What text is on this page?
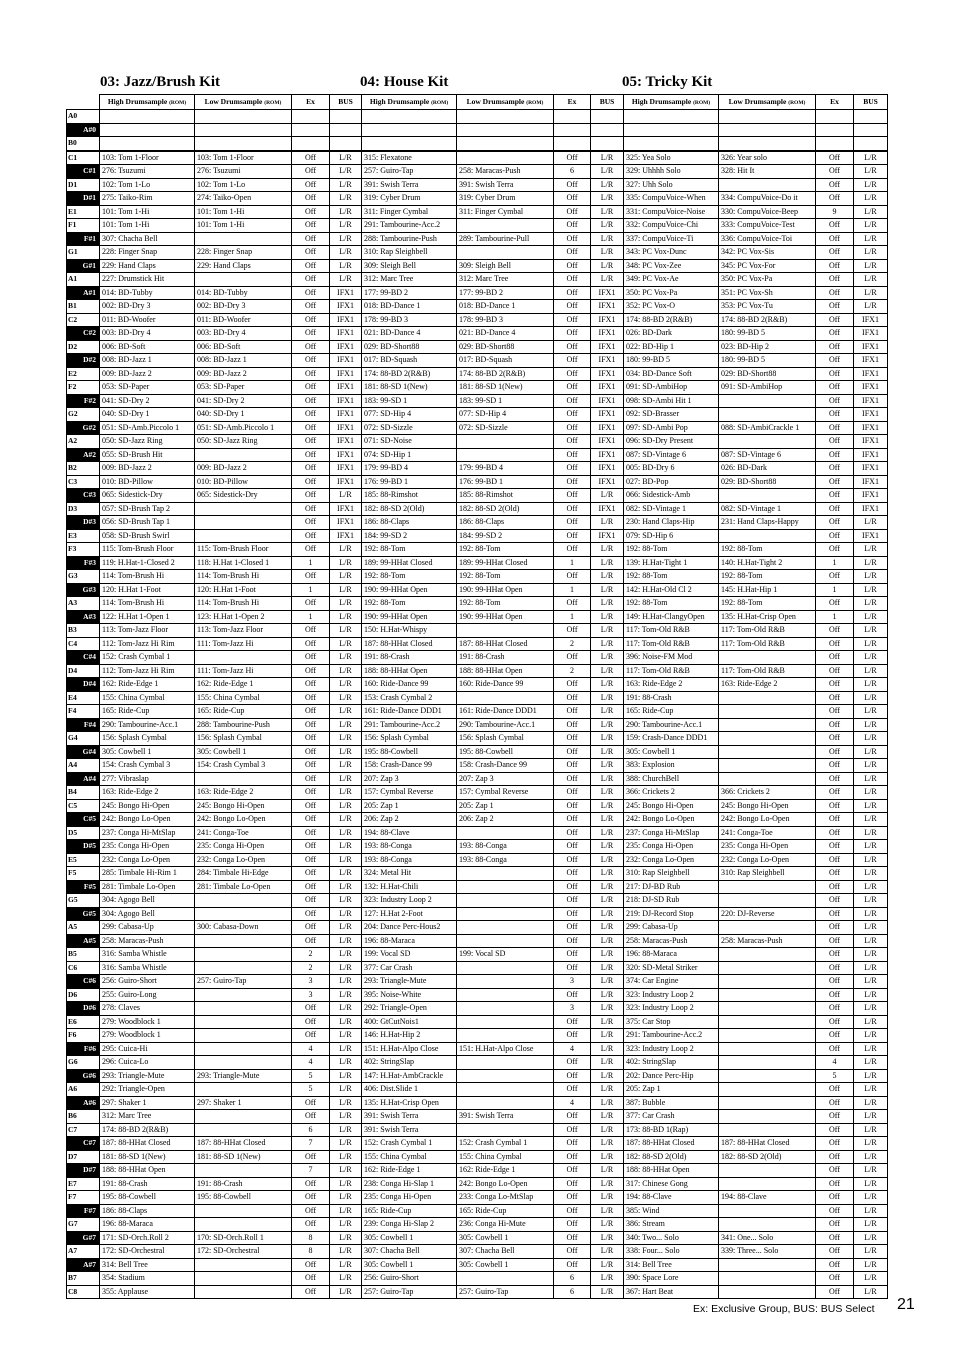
03: Jazz/Brush Kit	04: House Kit	05: Tricky Kit
	High Drumsample (ROM)	Low Drumsample (ROM)	Ex	BUS	High Drumsample (ROM)	Low Drumsample (ROM)	Ex	BUS	High Drumsample (ROM)	Low Drumsample (ROM)	Ex	BUS
A0												
A#0												
B0												
C1	103: Tom 1-Floor	103: Tom 1-Floor	Off	L/R	315: Flexatone		Off	L/R	325: Yea Solo	326: Year solo	Off	L/R
C#1	276: Tsuzumi	276: Tsuzumi	Off	L/R	257: Guiro-Tap	258: Maracas-Push	6	L/R	329: Uhhhh Solo	328: Hit It	Off	L/R
D1	102: Tom 1-Lo	102: Tom 1-Lo	Off	L/R	391: Swish Terra	391: Swish Terra	Off	L/R	327: Uhh Solo		Off	L/R
D#1	275: Taiko-Rim	274: Taiko-Open	Off	L/R	319: Cyber Drum	319: Cyber Drum	Off	L/R	335: CompuVoice-When	334: CompuVoice-Do it	Off	L/R
E1	101: Tom 1-Hi	101: Tom 1-Hi	Off	L/R	311: Finger Cymbal	311: Finger Cymbal	Off	L/R	331: CompuVoice-Noise	330: CompuVoice-Beep	9	L/R
F1	101: Tom 1-Hi	101: Tom 1-Hi	Off	L/R	291: Tambourine-Acc.2		Off	L/R	332: CompuVoice-Chi	333: CompuVoice-Test	Off	L/R
F#1	307: Chacha Bell		Off	L/R	288: Tambourine-Push	289: Tambourine-Pull	Off	L/R	337: CompuVoice-Ti	336: CompuVoice-Toi	Off	L/R
G1	228: Finger Snap	228: Finger Snap	Off	L/R	310: Rap Sleighbell		Off	L/R	343: PC Vox-Dunc	342: PC Vox-Sis	Off	L/R
G#1	229: Hand Claps	229: Hand Claps	Off	L/R	309: Sleigh Bell	309: Sleigh Bell	Off	L/R	348: PC Vox-Zee	345: PC Vox-For	Off	L/R
A1	227: Drumstick Hit		Off	L/R	312: Marc Tree	312: Marc Tree	Off	L/R	349: PC Vox-Ae	350: PC Vox-Pa	Off	L/R
A#1	014: BD-Tubby	014: BD-Tubby	Off	IFX1	177: 99-BD 2	177: 99-BD 2	Off	IFX1	350: PC Vox-Pa	351: PC Vox-Sh	Off	L/R
B1	002: BD-Dry 3	002: BD-Dry 3	Off	IFX1	018: BD-Dance 1	018: BD-Dance 1	Off	IFX1	352: PC Vox-O	353: PC Vox-Tu	Off	L/R
C2	011: BD-Woofer	011: BD-Woofer	Off	IFX1	178: 99-BD 3	178: 99-BD 3	Off	IFX1	174: 88-BD 2(R&B)	174: 88-BD 2(R&B)	Off	IFX1
C#2	003: BD-Dry 4	003: BD-Dry 4	Off	IFX1	021: BD-Dance 4	021: BD-Dance 4	Off	IFX1	026: BD-Dark	180: 99-BD 5	Off	IFX1
D2	006: BD-Soft	006: BD-Soft	Off	IFX1	029: BD-Short88	029: BD-Short88	Off	IFX1	022: BD-Hip 1	023: BD-Hip 2	Off	IFX1
D#2	008: BD-Jazz 1	008: BD-Jazz 1	Off	IFX1	017: BD-Squash	017: BD-Squash	Off	IFX1	180: 99-BD 5	180: 99-BD 5	Off	IFX1
E2	009: BD-Jazz 2	009: BD-Jazz 2	Off	IFX1	174: 88-BD 2(R&B)	174: 88-BD 2(R&B)	Off	IFX1	034: BD-Dance Soft	029: BD-Short88	Off	IFX1
F2	053: SD-Paper	053: SD-Paper	Off	IFX1	181: 88-SD 1(New)	181: 88-SD 1(New)	Off	IFX1	091: SD-AmbiHop	091: SD-AmbiHop	Off	IFX1
F#2	041: SD-Dry 2	041: SD-Dry 2	Off	IFX1	183: 99-SD 1	183: 99-SD 1	Off	IFX1	098: SD-Ambi Hit 1		Off	IFX1
G2	040: SD-Dry 1	040: SD-Dry 1	Off	IFX1	077: SD-Hip 4	077: SD-Hip 4	Off	IFX1	092: SD-Brasser		Off	IFX1
G#2	051: SD-Amb.Piccolo 1	051: SD-Amb.Piccolo 1	Off	IFX1	072: SD-Sizzle	072: SD-Sizzle	Off	IFX1	097: SD-Ambi Pop	088: SD-AmbiCrackle 1	Off	IFX1
A2	050: SD-Jazz Ring	050: SD-Jazz Ring	Off	IFX1	071: SD-Noise		Off	IFX1	096: SD-Dry Present		Off	IFX1
A#2	055: SD-Brush Hit		Off	IFX1	074: SD-Hip 1		Off	IFX1	087: SD-Vintage 6	087: SD-Vintage 6	Off	IFX1
B2	009: BD-Jazz 2	009: BD-Jazz 2	Off	IFX1	179: 99-BD 4	179: 99-BD 4	Off	IFX1	005: BD-Dry 6	026: BD-Dark	Off	IFX1
C3	010: BD-Pillow	010: BD-Pillow	Off	IFX1	176: 99-BD 1	176: 99-BD 1	Off	IFX1	027: BD-Pop	029: BD-Short88	Off	IFX1
C#3	065: Sidestick-Dry	065: Sidestick-Dry	Off	L/R	185: 88-Rimshot	185: 88-Rimshot	Off	L/R	066: Sidestick-Amb		Off	IFX1
D3	057: SD-Brush Tap 2		Off	IFX1	182: 88-SD 2(Old)	182: 88-SD 2(Old)	Off	IFX1	082: SD-Vintage 1	082: SD-Vintage 1	Off	IFX1
D#3	056: SD-Brush Tap 1		Off	IFX1	186: 88-Claps	186: 88-Claps	Off	L/R	230: Hand Claps-Hip	231: Hand Claps-Happy	Off	L/R
E3	058: SD-Brush Swirl		Off	IFX1	184: 99-SD 2	184: 99-SD 2	Off	IFX1	079: SD-Hip 6		Off	IFX1
F3	115: Tom-Brush Floor	115: Tom-Brush Floor	Off	L/R	192: 88-Tom	192: 88-Tom	Off	L/R	192: 88-Tom	192: 88-Tom	Off	L/R
F#3	119: H.Hat-1-Closed 2	118: H.Hat 1-Closed 1	1	L/R	189: 99-HHat Closed	189: 99-HHat Closed	1	L/R	139: H.Hat-Tight 1	140: H.Hat-Tight 2	1	L/R
G3	114: Tom-Brush Hi	114: Tom-Brush Hi	Off	L/R	192: 88-Tom	192: 88-Tom	Off	L/R	192: 88-Tom	192: 88-Tom	Off	L/R
G#3	120: H.Hat 1-Foot	120: H.Hat 1-Foot	1	L/R	190: 99-HHat Open	190: 99-HHat Open	1	L/R	142: H.Hat-Old Cl 2	145: H.Hat-Hip 1	1	L/R
A3	114: Tom-Brush Hi	114: Tom-Brush Hi	Off	L/R	192: 88-Tom	192: 88-Tom	Off	L/R	192: 88-Tom	192: 88-Tom	Off	L/R
A#3	122: H.Hat 1-Open 1	123: H.Hat 1-Open 2	1	L/R	190: 99-HHat Open	190: 99-HHat Open	1	L/R	149: H.Hat-ClangyOpen	135: H.Hat-Crisp Open	1	L/R
B3	113: Tom-Jazz Floor	113: Tom-Jazz Floor	Off	L/R	150: H.Hat-Whispy		Off	L/R	117: Tom-Old R&B	117: Tom-Old R&B	Off	L/R
C4	112: Tom-Jazz Hi Rim	111: Tom-Jazz Hi	Off	L/R	187: 88-HHat Closed	187: 88-HHat Closed	2	L/R	117: Tom-Old R&B	117: Tom-Old R&B	Off	L/R
C#4	152: Crash Cymbal 1		Off	L/R	191: 88-Crash	191: 88-Crash	Off	L/R	396: Noise-FM Mod		Off	L/R
D4	112: Tom-Jazz Hi Rim	111: Tom-Jazz Hi	Off	L/R	188: 88-HHat Open	188: 88-HHat Open	2	L/R	117: Tom-Old R&B	117: Tom-Old R&B	Off	L/R
D#4	162: Ride-Edge 1	162: Ride-Edge 1	Off	L/R	160: Ride-Dance 99	160: Ride-Dance 99	Off	L/R	163: Ride-Edge 2	163: Ride-Edge 2	Off	L/R
E4	155: China Cymbal	155: China Cymbal	Off	L/R	153: Crash Cymbal 2		Off	L/R	191: 88-Crash		Off	L/R
F4	165: Ride-Cup	165: Ride-Cup	Off	L/R	161: Ride-Dance DDD1	161: Ride-Dance DDD1	Off	L/R	165: Ride-Cup		Off	L/R
F#4	290: Tambourine-Acc.1	288: Tambourine-Push	Off	L/R	291: Tambourine-Acc.2	290: Tambourine-Acc.1	Off	L/R	290: Tambourine-Acc.1		Off	L/R
G4	156: Splash Cymbal	156: Splash Cymbal	Off	L/R	156: Splash Cymbal	156: Splash Cymbal	Off	L/R	159: Crash-Dance DDD1		Off	L/R
G#4	305: Cowbell 1	305: Cowbell 1	Off	L/R	195: 88-Cowbell	195: 88-Cowbell	Off	L/R	305: Cowbell 1		Off	L/R
A4	154: Crash Cymbal 3	154: Crash Cymbal 3	Off	L/R	158: Crash-Dance 99	158: Crash-Dance 99	Off	L/R	383: Explosion		Off	L/R
A#4	277: Vibraslap		Off	L/R	207: Zap 3	207: Zap 3	Off	L/R	388: ChurchBell		Off	L/R
B4	163: Ride-Edge 2	163: Ride-Edge 2	Off	L/R	157: Cymbal Reverse	157: Cymbal Reverse	Off	L/R	366: Crickets 2	366: Crickets 2	Off	L/R
C5	245: Bongo Hi-Open	245: Bongo Hi-Open	Off	L/R	205: Zap 1	205: Zap 1	Off	L/R	245: Bongo Hi-Open	245: Bongo Hi-Open	Off	L/R
C#5	242: Bongo Lo-Open	242: Bongo Lo-Open	Off	L/R	206: Zap 2	206: Zap 2	Off	L/R	242: Bongo Lo-Open	242: Bongo Lo-Open	Off	L/R
D5	237: Conga Hi-MtSlap	241: Conga-Toe	Off	L/R	194: 88-Clave		Off	L/R	237: Conga Hi-MtSlap	241: Conga-Toe	Off	L/R
D#5	235: Conga Hi-Open	235: Conga Hi-Open	Off	L/R	193: 88-Conga	193: 88-Conga	Off	L/R	235: Conga Hi-Open	235: Conga Hi-Open	Off	L/R
E5	232: Conga Lo-Open	232: Conga Lo-Open	Off	L/R	193: 88-Conga	193: 88-Conga	Off	L/R	232: Conga Lo-Open	232: Conga Lo-Open	Off	L/R
F5	285: Timbale Hi-Rim 1	284: Timbale Hi-Edge	Off	L/R	324: Metal Hit		Off	L/R	310: Rap Sleighbell	310: Rap Sleighbell	Off	L/R
F#5	281: Timbale Lo-Open	281: Timbale Lo-Open	Off	L/R	132: H.Hat-Chili		Off	L/R	217: DJ-BD Rub		Off	L/R
G5	304: Agogo Bell		Off	L/R	323: Industry Loop 2		Off	L/R	218: DJ-SD Rub		Off	L/R
G#5	304: Agogo Bell		Off	L/R	127: H.Hat 2-Foot		Off	L/R	219: DJ-Record Stop	220: DJ-Reverse	Off	L/R
A5	299: Cabasa-Up	300: Cabasa-Down	Off	L/R	204: Dance Perc-Hous2		Off	L/R	299: Cabasa-Up		Off	L/R
A#5	258: Maracas-Push		Off	L/R	196: 88-Maraca		Off	L/R	258: Maracas-Push	258: Maracas-Push	Off	L/R
B5	316: Samba Whistle		2	L/R	199: Vocal SD	199: Vocal SD	Off	L/R	196: 88-Maraca		Off	L/R
C6	316: Samba Whistle		2	L/R	377: Car Crash		Off	L/R	320: SD-Metal Striker		Off	L/R
C#6	256: Guiro-Short	257: Guiro-Tap	3	L/R	293: Triangle-Mute		3	L/R	374: Car Engine		Off	L/R
D6	255: Guiro-Long		3	L/R	395: Noise-White		Off	L/R	323: Industry Loop 2		Off	L/R
D#6	278: Claves		Off	L/R	292: Triangle-Open		3	L/R	323: Industry Loop 2		Off	L/R
E6	279: Woodblock 1		Off	L/R	400: GtCutNois1		Off	L/R	375: Car Stop		Off	L/R
F6	279: Woodblock 1		Off	L/R	146: H.Hat-Hip 2		Off	L/R	291: Tambourine-Acc.2		Off	L/R
F#6	295: Cuica-Hi		4	L/R	151: H.Hat-Alpo Close	151: H.Hat-Alpo Close	4	L/R	323: Industry Loop 2		Off	L/R
G6	296: Cuica-Lo		4	L/R	402: StringSlap		Off	L/R	402: StringSlap		4	L/R
G#6	293: Triangle-Mute	293: Triangle-Mute	5	L/R	147: H.Hat-AmbCrackle		Off	L/R	202: Dance Perc-Hip		5	L/R
A6	292: Triangle-Open		5	L/R	406: Dist.Slide 1		Off	L/R	205: Zap 1		Off	L/R
A#6	297: Shaker 1	297: Shaker 1	Off	L/R	135: H.Hat-Crisp Open		4	L/R	387: Bubble		Off	L/R
B6	312: Marc Tree		Off	L/R	391: Swish Terra	391: Swish Terra	Off	L/R	377: Car Crash		Off	L/R
C7	174: 88-BD 2(R&B)		6	L/R	391: Swish Terra		Off	L/R	173: 88-BD 1(Rap)		Off	L/R
C#7	187: 88-HHat Closed	187: 88-HHat Closed	7	L/R	152: Crash Cymbal 1	152: Crash Cymbal 1	Off	L/R	187: 88-HHat Closed	187: 88-HHat Closed	Off	L/R
D7	181: 88-SD 1(New)	181: 88-SD 1(New)	Off	L/R	155: China Cymbal	155: China Cymbal	Off	L/R	182: 88-SD 2(Old)	182: 88-SD 2(Old)	Off	L/R
D#7	188: 88-HHat Open		7	L/R	162: Ride-Edge 1	162: Ride-Edge 1	Off	L/R	188: 88-HHat Open		Off	L/R
E7	191: 88-Crash	191: 88-Crash	Off	L/R	238: Conga Hi-Slap 1	242: Bongo Lo-Open	Off	L/R	317: Chinese Gong		Off	L/R
F7	195: 88-Cowbell	195: 88-Cowbell	Off	L/R	235: Conga Hi-Open	233: Conga Lo-MtSlap	Off	L/R	194: 88-Clave	194: 88-Clave	Off	L/R
F#7	186: 88-Claps		Off	L/R	165: Ride-Cup	165: Ride-Cup	Off	L/R	385: Wind		Off	L/R
G7	196: 88-Maraca		Off	L/R	239: Conga Hi-Slap 2	236: Conga Hi-Mute	Off	L/R	386: Stream		Off	L/R
G#7	171: SD-Orch.Roll 2	170: SD-Orch.Roll 1	8	L/R	305: Cowbell 1	305: Cowbell 1	Off	L/R	340: Two... Solo	341: One... Solo	Off	L/R
A7	172: SD-Orchestral	172: SD-Orchestral	8	L/R	307: Chacha Bell	307: Chacha Bell	Off	L/R	338: Four... Solo	339: Three... Solo	Off	L/R
A#7	314: Bell Tree		Off	L/R	305: Cowbell 1	305: Cowbell 1	Off	L/R	314: Bell Tree		Off	L/R
B7	354: Stadium		Off	L/R	256: Guiro-Short		6	L/R	390: Space Lore		Off	L/R
C8	355: Applause		Off	L/R	257: Guiro-Tap	257: Guiro-Tap	6	L/R	367: Hart Beat		Off	L/R
Ex: Exclusive Group, BUS: BUS Select 21
